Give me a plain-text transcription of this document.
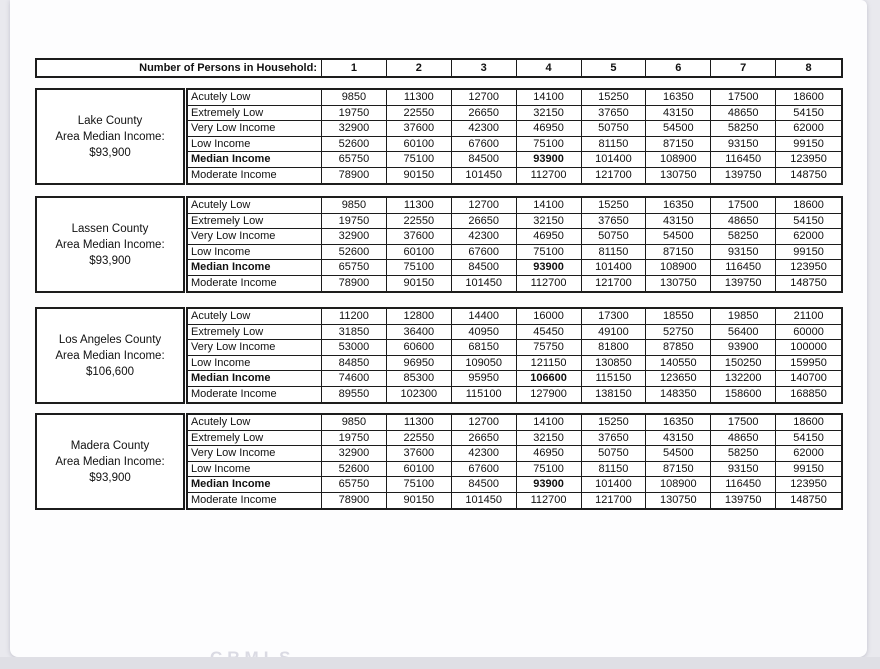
Number of Persons in Household:	1	2	3	4	5	6	7	8
Lake County
Area Median Income:
$93,900
Acutely Low	9850	11300	12700	14100	15250	16350	17500	18600
Extremely Low	19750	22550	26650	32150	37650	43150	48650	54150
Very Low Income	32900	37600	42300	46950	50750	54500	58250	62000
Low Income	52600	60100	67600	75100	81150	87150	93150	99150
Median Income	65750	75100	84500	93900	101400	108900	116450	123950
Moderate Income	78900	90150	101450	112700	121700	130750	139750	148750
Lassen County
Area Median Income:
$93,900
Acutely Low	9850	11300	12700	14100	15250	16350	17500	18600
Extremely Low	19750	22550	26650	32150	37650	43150	48650	54150
Very Low Income	32900	37600	42300	46950	50750	54500	58250	62000
Low Income	52600	60100	67600	75100	81150	87150	93150	99150
Median Income	65750	75100	84500	93900	101400	108900	116450	123950
Moderate Income	78900	90150	101450	112700	121700	130750	139750	148750
Los Angeles County
Area Median Income:
$106,600
Acutely Low	11200	12800	14400	16000	17300	18550	19850	21100
Extremely Low	31850	36400	40950	45450	49100	52750	56400	60000
Very Low Income	53000	60600	68150	75750	81800	87850	93900	100000
Low Income	84850	96950	109050	121150	130850	140550	150250	159950
Median Income	74600	85300	95950	106600	115150	123650	132200	140700
Moderate Income	89550	102300	115100	127900	138150	148350	158600	168850
Madera County
Area Median Income:
$93,900
Acutely Low	9850	11300	12700	14100	15250	16350	17500	18600
Extremely Low	19750	22550	26650	32150	37650	43150	48650	54150
Very Low Income	32900	37600	42300	46950	50750	54500	58250	62000
Low Income	52600	60100	67600	75100	81150	87150	93150	99150
Median Income	65750	75100	84500	93900	101400	108900	116450	123950
Moderate Income	78900	90150	101450	112700	121700	130750	139750	148750
